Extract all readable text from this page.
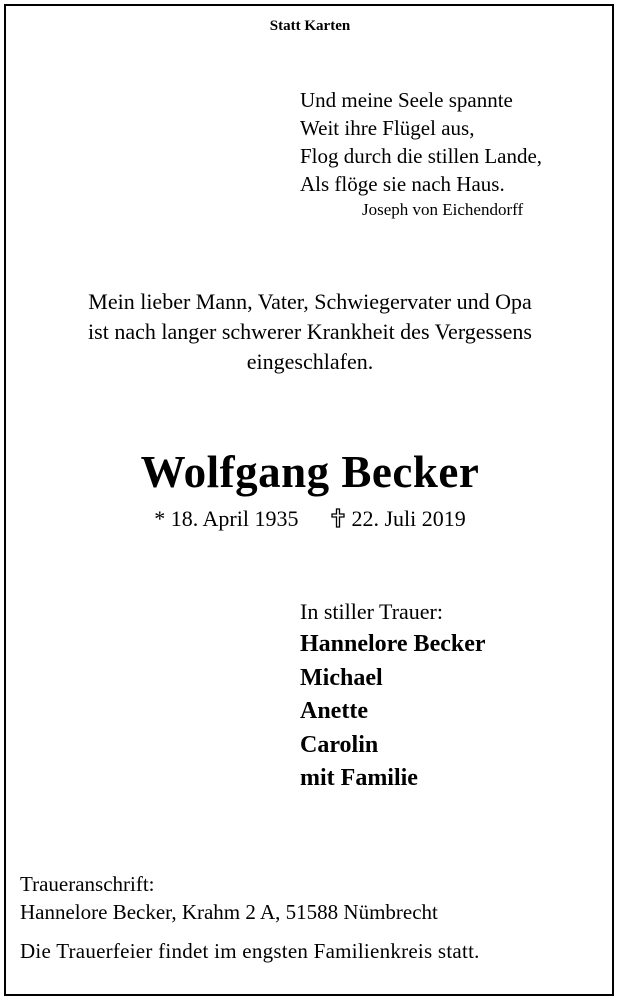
Statt Karten
Und meine Seele spannte
Weit ihre Flügel aus,
Flog durch die stillen Lande,
Als flöge sie nach Haus.
Joseph von Eichendorff
Mein lieber Mann, Vater, Schwiegervater und Opa
ist nach langer schwerer Krankheit des Vergessens
eingeschlafen.
Wolfgang Becker
* 18. April 1935 22. Juli 2019
In stiller Trauer:
Hannelore Becker
Michael
Anette
Carolin
mit Familie
Traueranschrift:
Hannelore Becker, Krahm 2 A, 51588 Nümbrecht
Die Trauerfeier findet im engsten Familienkreis statt.
